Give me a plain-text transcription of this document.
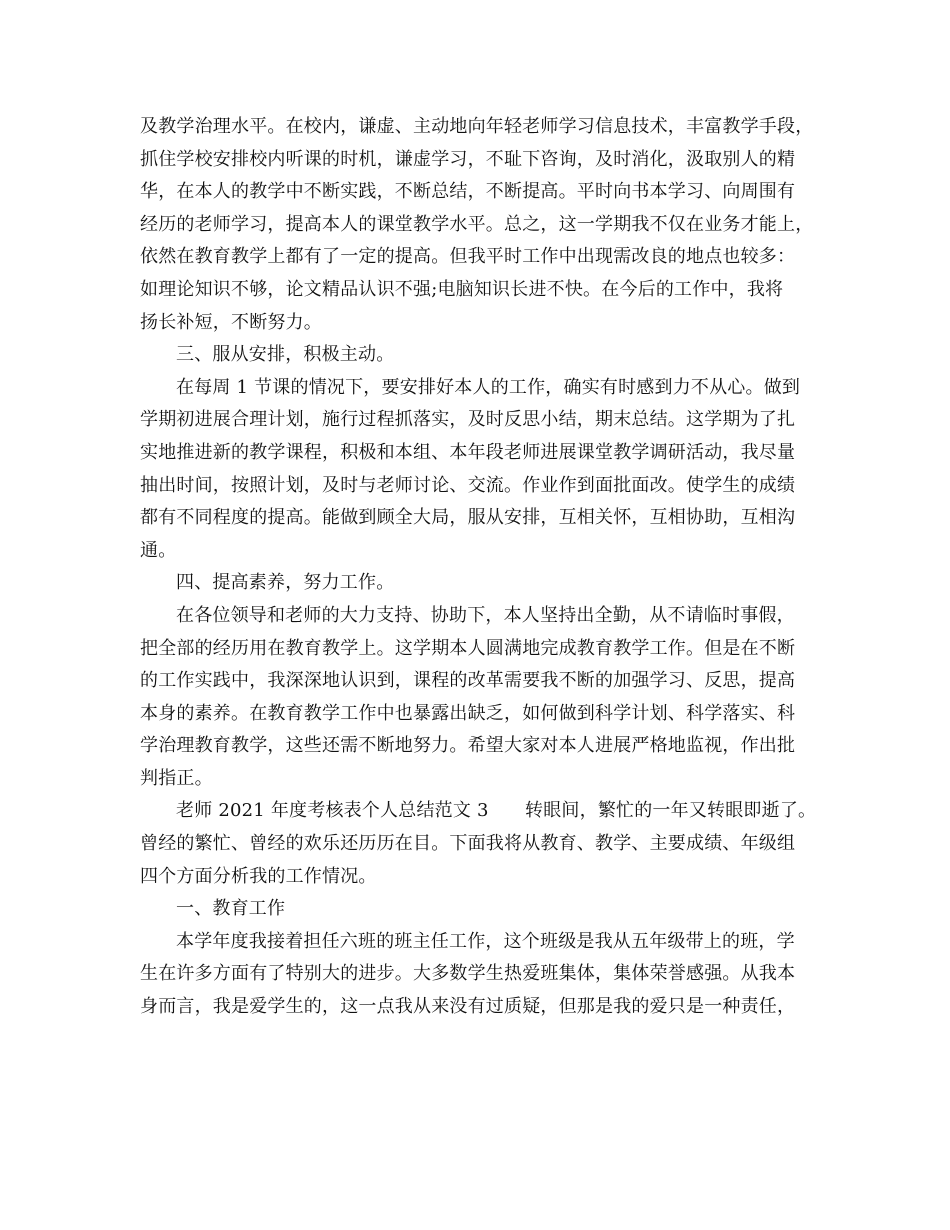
及教学治理水平。在校内，谦虚、主动地向年轻老师学习信息技术，丰富教学手段，
抓住学校安排校内听课的时机，谦虚学习，不耻下咨询，及时消化，汲取别人的精
华，在本人的教学中不断实践，不断总结，不断提高。平时向书本学习、向周围有
经历的老师学习，提高本人的课堂教学水平。总之，这一学期我不仅在业务才能上，
依然在教育教学上都有了一定的提高。但我平时工作中出现需改良的地点也较多：
如理论知识不够，论文精品认识不强;电脑知识长进不快。在今后的工作中，我将
扬长补短，不断努力。
三、服从安排，积极主动。
在每周 1 节课的情况下，要安排好本人的工作，确实有时感到力不从心。做到
学期初进展合理计划，施行过程抓落实，及时反思小结，期末总结。这学期为了扎
实地推进新的教学课程，积极和本组、本年段老师进展课堂教学调研活动，我尽量
抽出时间，按照计划，及时与老师讨论、交流。作业作到面批面改。使学生的成绩
都有不同程度的提高。能做到顾全大局，服从安排，互相关怀，互相协助，互相沟
通。
四、提高素养，努力工作。
在各位领导和老师的大力支持、协助下，本人坚持出全勤，从不请临时事假，
把全部的经历用在教育教学上。这学期本人圆满地完成教育教学工作。但是在不断
的工作实践中，我深深地认识到，课程的改革需要我不断的加强学习、反思，提高
本身的素养。在教育教学工作中也暴露出缺乏，如何做到科学计划、科学落实、科
学治理教育教学，这些还需不断地努力。希望大家对本人进展严格地监视，作出批
判指正。
老师 2021 年度考核表个人总结范文 3　　转眼间，繁忙的一年又转眼即逝了。
曾经的繁忙、曾经的欢乐还历历在目。下面我将从教育、教学、主要成绩、年级组
四个方面分析我的工作情况。
一、教育工作
本学年度我接着担任六班的班主任工作，这个班级是我从五年级带上的班，学
生在许多方面有了特别大的进步。大多数学生热爱班集体，集体荣誉感强。从我本
身而言，我是爱学生的，这一点我从来没有过质疑，但那是我的爱只是一种责任，
